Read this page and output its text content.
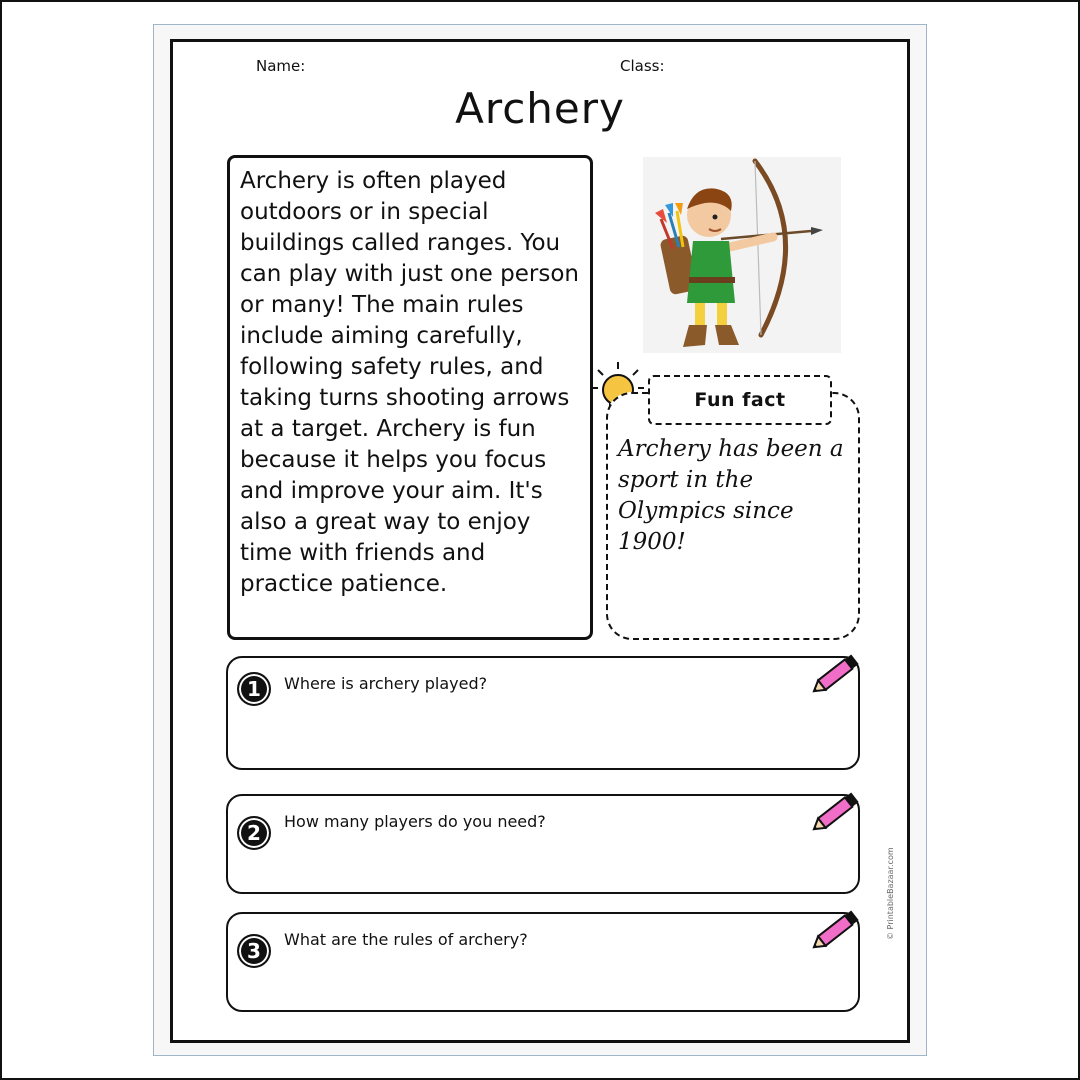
Name:	Class:
Archery

Archery is often played outdoors or in special buildings called ranges. You can play with just one person or many! The main rules include aiming carefully, following safety rules, and taking turns shooting arrows at a target. Archery is fun because it helps you focus and improve your aim. It's also a great way to enjoy time with friends and practice patience.

Fun fact

Archery has been a sport in the Olympics since 1900!

1	Where is archery played?
2	How many players do you need?
3	What are the rules of archery?	© PrintableBazaar.com
